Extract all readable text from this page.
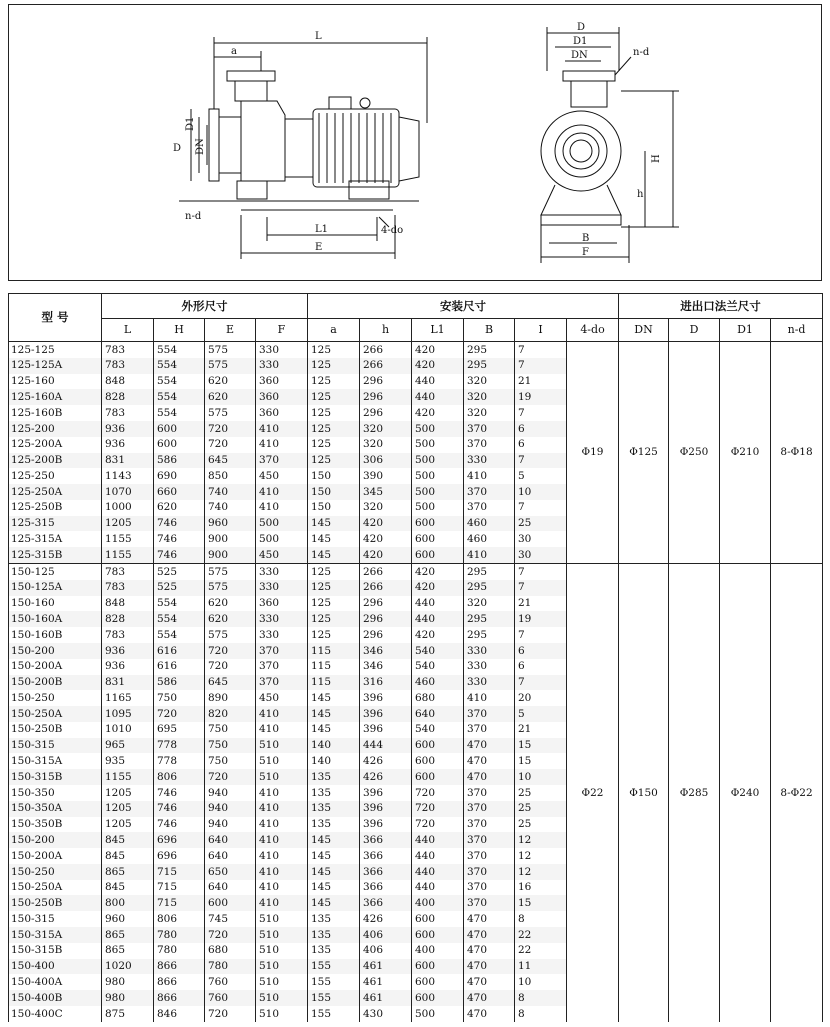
L
a
D
D1
DN
n-d
L1
E
4-do
D
D1
DN	n-d
H
h
B
F
型 号	外形尺寸				安装尺寸						进出口法兰尺寸			
	L	H	E	F	a	h	L1	B	I	4-do	DN	D	D1	n-d
125-125	783	554	575	330	125	266	420	295	7	Φ19	Φ125	Φ250	Φ210	8-Φ18
125-125A	783	554	575	330	125	266	420	295	7					
125-160	848	554	620	360	125	296	440	320	21					
125-160A	828	554	620	360	125	296	440	320	19					
125-160B	783	554	575	360	125	296	420	320	7					
125-200	936	600	720	410	125	320	500	370	6					
125-200A	936	600	720	410	125	320	500	370	6					
125-200B	831	586	645	370	125	306	500	330	7					
125-250	1143	690	850	450	150	390	500	410	5					
125-250A	1070	660	740	410	150	345	500	370	10					
125-250B	1000	620	740	410	150	320	500	370	7					
125-315	1205	746	960	500	145	420	600	460	25					
125-315A	1155	746	900	500	145	420	600	460	30					
125-315B	1155	746	900	450	145	420	600	410	30					
150-125	783	525	575	330	125	266	420	295	7	Φ22	Φ150	Φ285	Φ240	8-Φ22
150-125A	783	525	575	330	125	266	420	295	7					
150-160	848	554	620	360	125	296	440	320	21					
150-160A	828	554	620	330	125	296	440	295	19					
150-160B	783	554	575	330	125	296	420	295	7					
150-200	936	616	720	370	115	346	540	330	6					
150-200A	936	616	720	370	115	346	540	330	6					
150-200B	831	586	645	370	115	316	460	330	7					
150-250	1165	750	890	450	145	396	680	410	20					
150-250A	1095	720	820	410	145	396	640	370	5					
150-250B	1010	695	750	410	145	396	540	370	21					
150-315	965	778	750	510	140	444	600	470	15					
150-315A	935	778	750	510	140	426	600	470	15					
150-315B	1155	806	720	510	135	426	600	470	10					
150-350	1205	746	940	410	135	396	720	370	25					
150-350A	1205	746	940	410	135	396	720	370	25					
150-350B	1205	746	940	410	135	396	720	370	25					
150-200	845	696	640	410	145	366	440	370	12					
150-200A	845	696	640	410	145	366	440	370	12					
150-250	865	715	650	410	145	366	440	370	12					
150-250A	845	715	640	410	145	366	440	370	16					
150-250B	800	715	600	410	145	366	400	370	15					
150-315	960	806	745	510	135	426	600	470	8					
150-315A	865	780	720	510	135	406	600	470	22					
150-315B	865	780	680	510	135	406	400	470	22					
150-400	1020	866	780	510	155	461	600	470	11					
150-400A	980	866	760	510	155	461	600	470	10					
150-400B	980	866	760	510	155	461	600	470	8					
150-400C	875	846	720	510	155	430	500	470	8					
